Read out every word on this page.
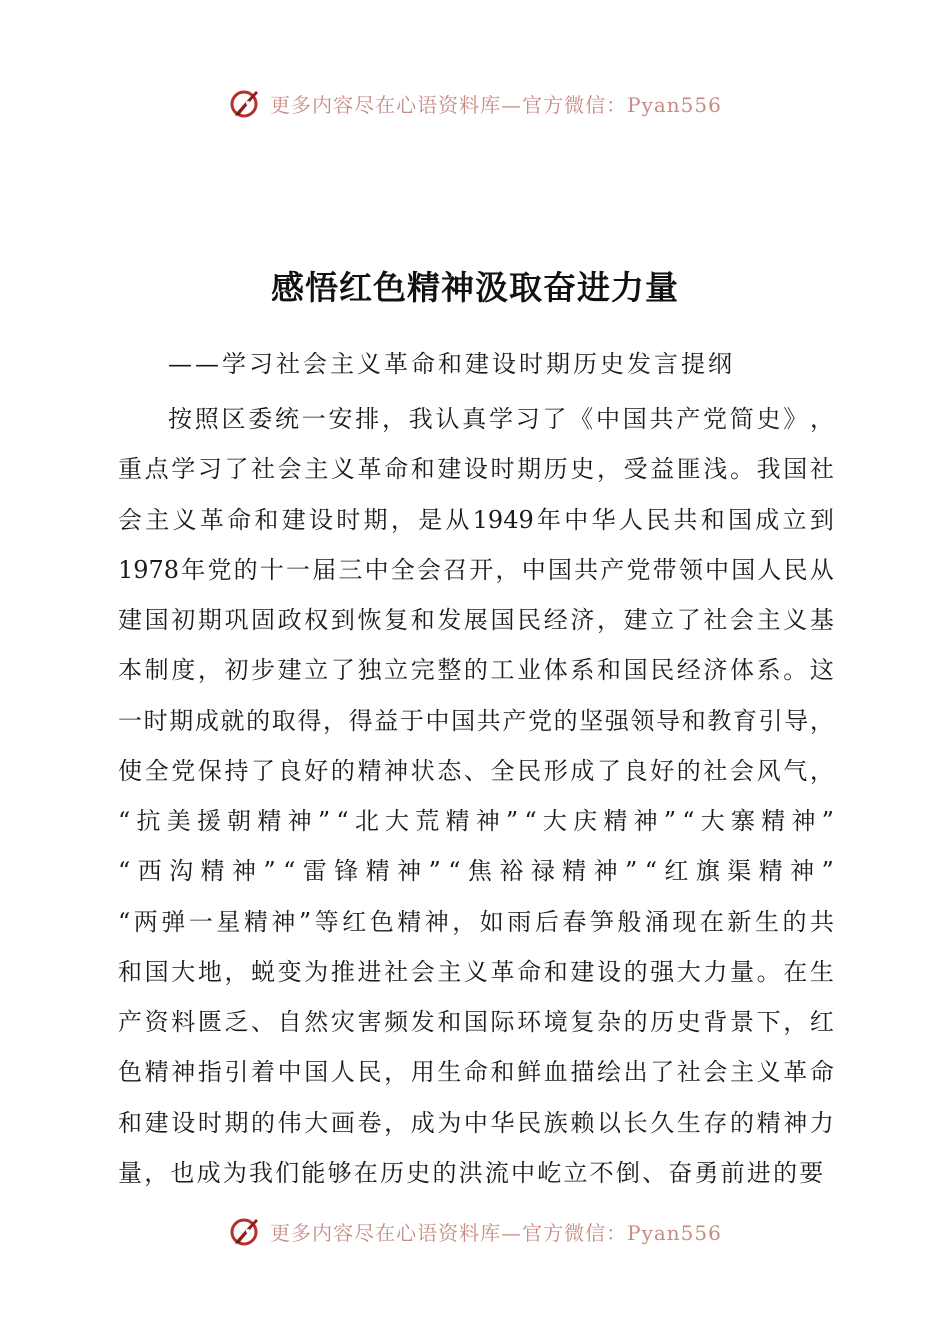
更多内容尽在心语资料库—官方微信：Pyan556
感悟红色精神汲取奋进力量
——学习社会主义革命和建设时期历史发言提纲
按 照 区 委 统 一 安 排 ， 我 认 真 学 习 了 《 中 国 共 产 党 简 史 》 ，
重 点 学 习 了 社 会 主 义 革 命 和 建 设 时 期 历 史 ， 受 益 匪 浅 。 我 国 社
会 主 义 革 命 和 建 设 时 期 ， 是 从 1949 年 中 华 人 民 共 和 国 成 立 到
1978 年 党 的 十 一 届 三 中 全 会 召 开 ， 中 国 共 产 党 带 领 中 国 人 民 从
建 国 初 期 巩 固 政 权 到 恢 复 和 发 展 国 民 经 济 ， 建 立 了 社 会 主 义 基
本 制 度 ， 初 步 建 立 了 独 立 完 整 的 工 业 体 系 和 国 民 经 济 体 系 。 这
一 时 期 成 就 的 取 得 ， 得 益 于 中 国 共 产 党 的 坚 强 领 导 和 教 育 引 导 ，
使 全 党 保 持 了 良 好 的 精 神 状 态 、 全 民 形 成 了 良 好 的 社 会 风 气 ，
“ 抗 美 援 朝 精 神 ” “ 北 大 荒 精 神 ” “ 大 庆 精 神 ” “ 大 寨 精 神 ”
“ 西 沟 精 神 ” “ 雷 锋 精 神 ” “ 焦 裕 禄 精 神 ” “ 红 旗 渠 精 神 ”
“ 两 弹 一 星 精 神 ” 等 红 色 精 神 ， 如 雨 后 春 笋 般 涌 现 在 新 生 的 共
和 国 大 地 ， 蜕 变 为 推 进 社 会 主 义 革 命 和 建 设 的 强 大 力 量 。 在 生
产 资 料 匮 乏 、 自 然 灾 害 频 发 和 国 际 环 境 复 杂 的 历 史 背 景 下 ， 红
色 精 神 指 引 着 中 国 人 民 ， 用 生 命 和 鲜 血 描 绘 出 了 社 会 主 义 革 命
和 建 设 时 期 的 伟 大 画 卷 ， 成 为 中 华 民 族 赖 以 长 久 生 存 的 精 神 力
量 ， 也 成 为 我 们 能 够 在 历 史 的 洪 流 中 屹 立 不 倒 、 奋 勇 前 进 的 要
更多内容尽在心语资料库—官方微信：Pyan556
